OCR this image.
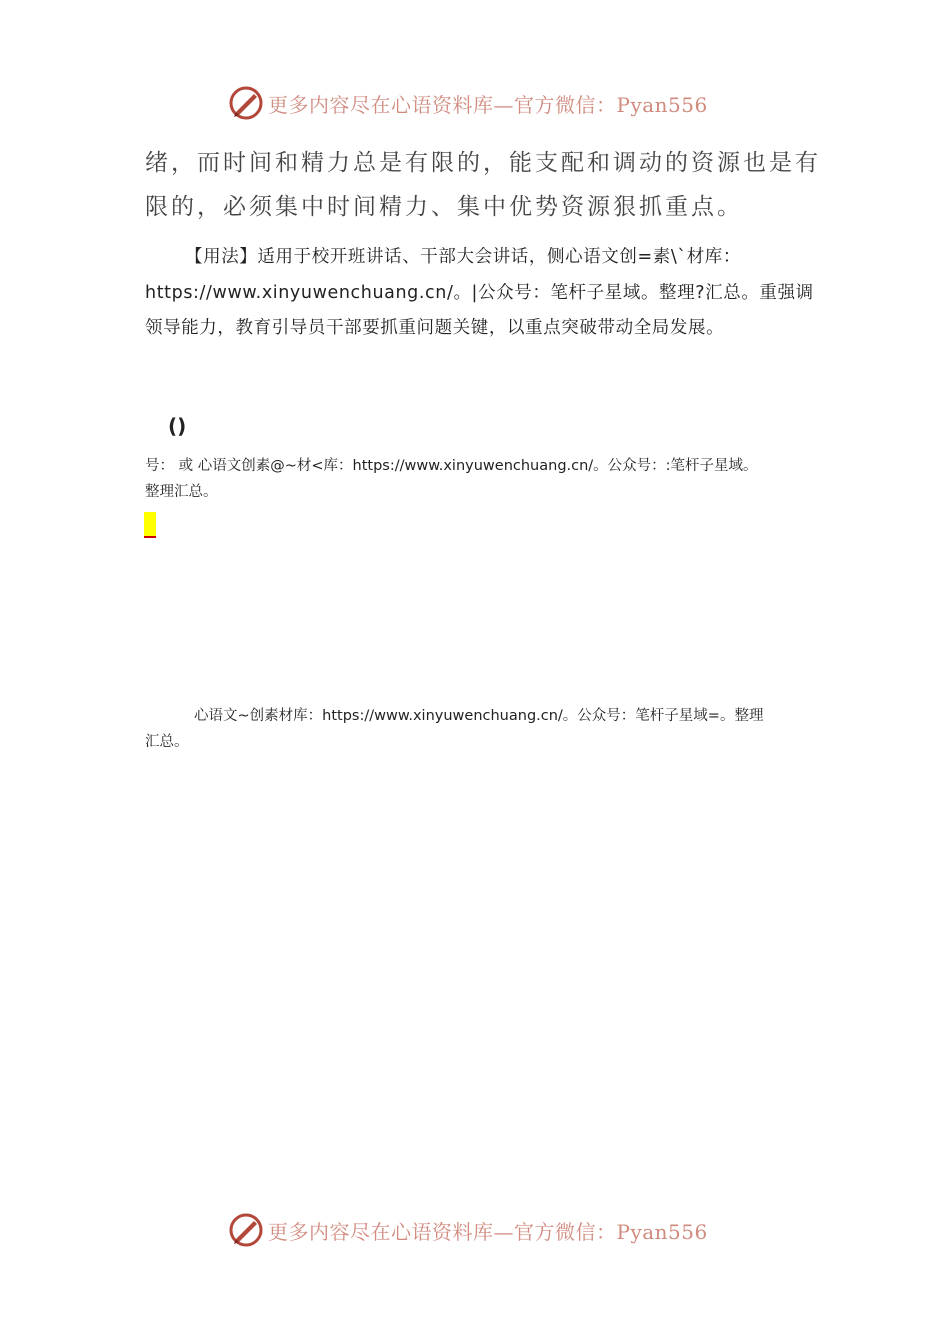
更多内容尽在心语资料库—官方微信：Pyan556
绪，而时间和精力总是有限的，能支配和调动的资源也是有
限的，必须集中时间精力、集中优势资源狠抓重点。
【用法】适用于校开班讲话、干部大会讲话，侧心语文创=素\`材库：
https://www.xinyuwenchuang.cn/。|公众号：笔杆子星域。整理?汇总。重强调
领导能力，教育引导员干部要抓重问题关键，以重点突破带动全局发展。
()
号： 或 心语文创素@~材<库：https://www.xinyuwenchuang.cn/。公众号：:笔杆子星域。
整理汇总。
心语文~创素材库：https://www.xinyuwenchuang.cn/。公众号：笔杆子星域=。整理
汇总。
更多内容尽在心语资料库—官方微信：Pyan556
